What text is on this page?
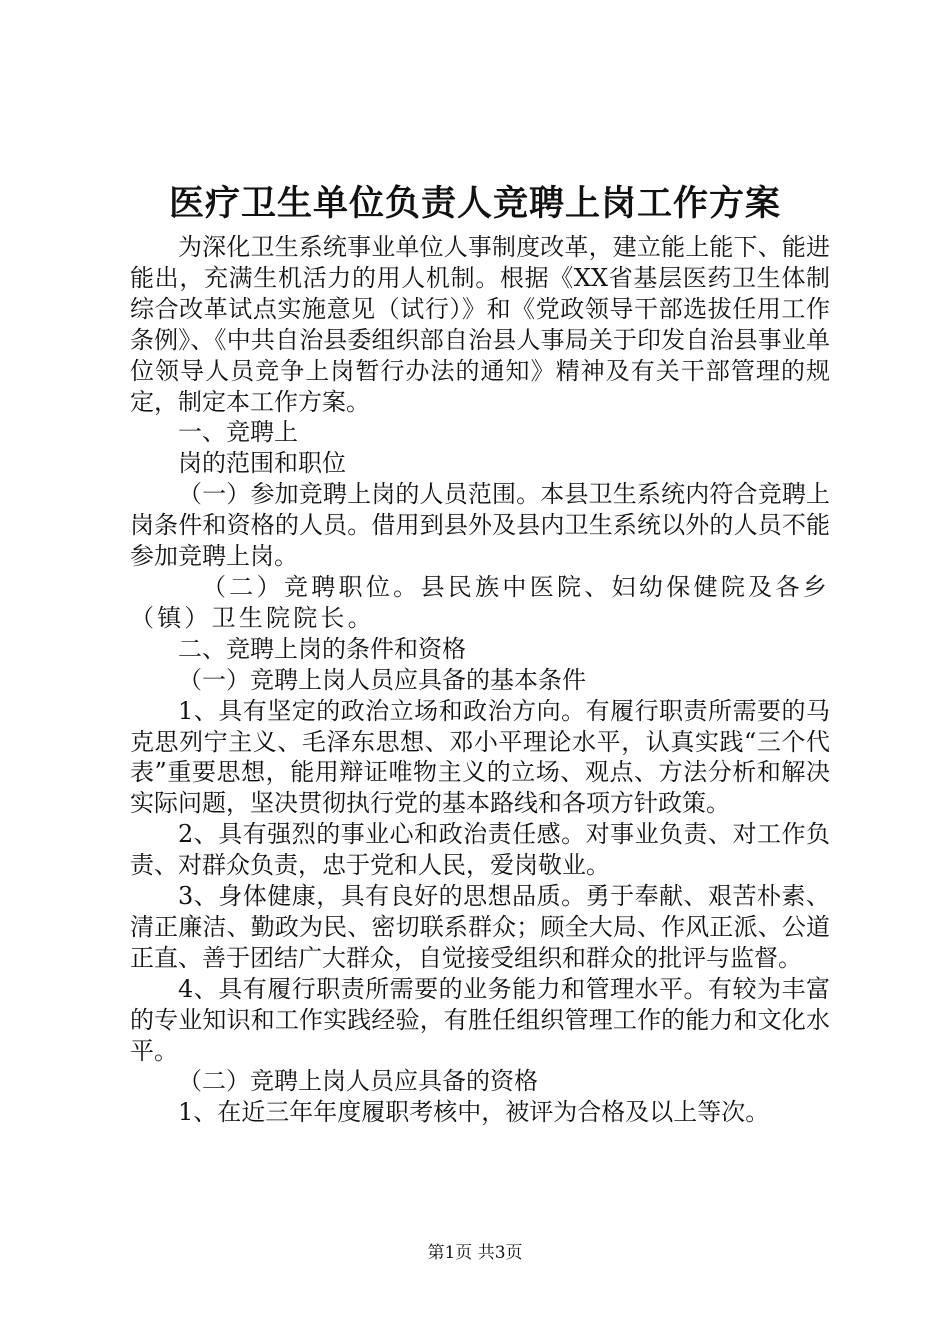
医疗卫生单位负责人竞聘上岗工作方案

为深化卫生系统事业单位人事制度改革，建立能上能下、能进能出，充满生机活力的用人机制。根据《XX省基层医药卫生体制综合改革试点实施意见（试行）》和《党政领导干部选拔任用工作条例》、《中共自治县委组织部自治县人事局关于印发自治县事业单位领导人员竞争上岗暂行办法的通知》精神及有关干部管理的规定，制定本工作方案。

一、竞聘上

岗的范围和职位

（一）参加竞聘上岗的人员范围。本县卫生系统内符合竞聘上岗条件和资格的人员。借用到县外及县内卫生系统以外的人员不能参加竞聘上岗。

（二）竞聘职位。县民族中医院、妇幼保健院及各乡（镇）卫生院院长。

二、竞聘上岗的条件和资格

（一）竞聘上岗人员应具备的基本条件

1、具有坚定的政治立场和政治方向。有履行职责所需要的马克思列宁主义、毛泽东思想、邓小平理论水平，认真实践“三个代表”重要思想，能用辩证唯物主义的立场、观点、方法分析和解决实际问题，坚决贯彻执行党的基本路线和各项方针政策。

2、具有强烈的事业心和政治责任感。对事业负责、对工作负责、对群众负责，忠于党和人民，爱岗敬业。

3、身体健康，具有良好的思想品质。勇于奉献、艰苦朴素、清正廉洁、勤政为民、密切联系群众；顾全大局、作风正派、公道正直、善于团结广大群众，自觉接受组织和群众的批评与监督。

4、具有履行职责所需要的业务能力和管理水平。有较为丰富的专业知识和工作实践经验，有胜任组织管理工作的能力和文化水平。

（二）竞聘上岗人员应具备的资格

1、在近三年年度履职考核中，被评为合格及以上等次。

第1页 共3页
